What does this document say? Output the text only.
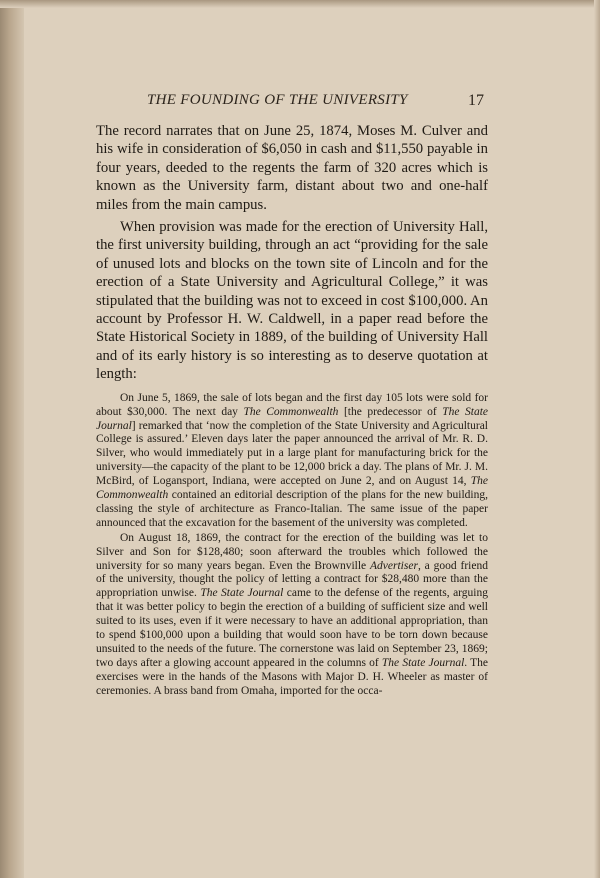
THE FOUNDING OF THE UNIVERSITY	17

The record narrates that on June 25, 1874, Moses M. Culver and his wife in consideration of $6,050 in cash and $11,550 payable in four years, deeded to the regents the farm of 320 acres which is known as the University farm, distant about two and one-half miles from the main campus.

When provision was made for the erection of University Hall, the first university building, through an act “providing for the sale of unused lots and blocks on the town site of Lincoln and for the erection of a State University and Agricultural College,” it was stipulated that the building was not to exceed in cost $100,000. An account by Professor H. W. Caldwell, in a paper read before the State Historical Society in 1889, of the building of University Hall and of its early history is so interesting as to deserve quotation at length:

On June 5, 1869, the sale of lots began and the first day 105 lots were sold for about $30,000. The next day The Commonwealth [the predecessor of The State Journal] remarked that ‘now the completion of the State University and Agricultural College is assured.’ Eleven days later the paper announced the arrival of Mr. R. D. Silver, who would immediately put in a large plant for manufacturing brick for the university—the capacity of the plant to be 12,000 brick a day. The plans of Mr. J. M. McBird, of Logansport, Indiana, were accepted on June 2, and on August 14, The Commonwealth contained an editorial description of the plans for the new building, classing the style of architecture as Franco-Italian. The same issue of the paper announced that the excavation for the basement of the university was completed.

On August 18, 1869, the contract for the erection of the building was let to Silver and Son for $128,480; soon afterward the troubles which followed the university for so many years began. Even the Brownville Advertiser, a good friend of the university, thought the policy of letting a contract for $28,480 more than the appropriation unwise. The State Journal came to the defense of the regents, arguing that it was better policy to begin the erection of a building of sufficient size and well suited to its uses, even if it were necessary to have an additional appropriation, than to spend $100,000 upon a building that would soon have to be torn down because unsuited to the needs of the future. The cornerstone was laid on September 23, 1869; two days after a glowing account appeared in the columns of The State Journal. The exercises were in the hands of the Masons with Major D. H. Wheeler as master of ceremonies. A brass band from Omaha, imported for the occa-
